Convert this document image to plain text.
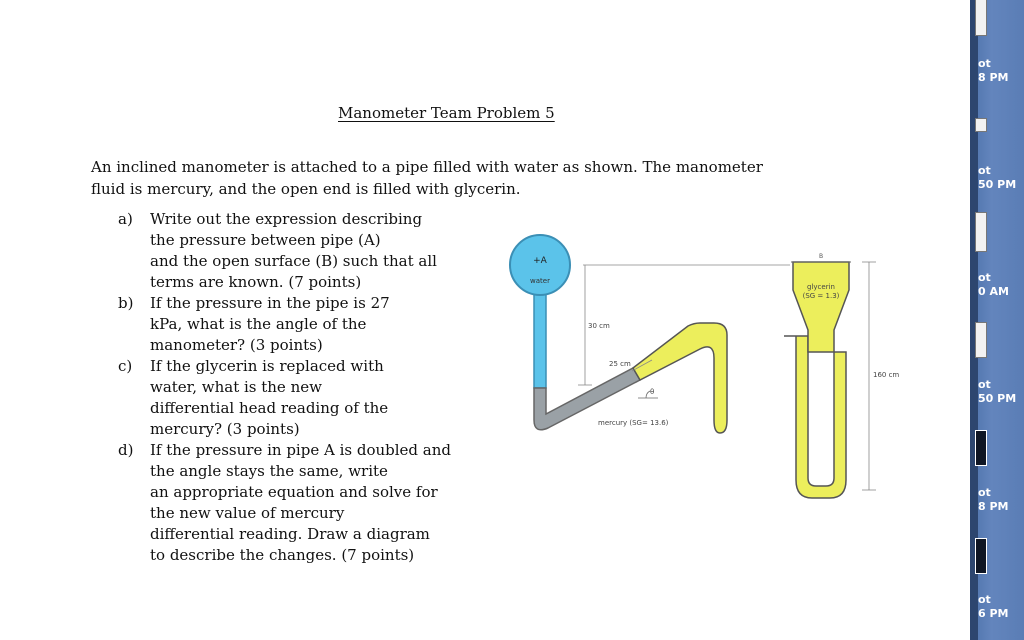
Manometer Team Problem 5
An inclined manometer is attached to a pipe filled with water as shown. The manometer
fluid is mercury, and the open end is filled with glycerin.
a)	Write out the expression describing
the pressure between pipe (A)
and the open surface (B) such that all
terms are known. (7 points)
b)	If the pressure in the pipe is 27
kPa, what is the angle of the
manometer? (3 points)
c)	If the glycerin is replaced with
water, what is the new
differential head reading of the
mercury? (3 points)
d)	If the pressure in pipe A is doubled and
the angle stays the same, write
an appropriate equation and solve for
the new value of mercury
differential reading. Draw a diagram
to describe the changes. (7 points)
+A
water
B
glycerin
(SG = 1.3)
30 cm
25 cm
160 cm
θ
mercury (SG= 13.6)
ot
8 PM
ot
50 PM
ot
0 AM
ot
50 PM
ot
8 PM
ot
6 PM
